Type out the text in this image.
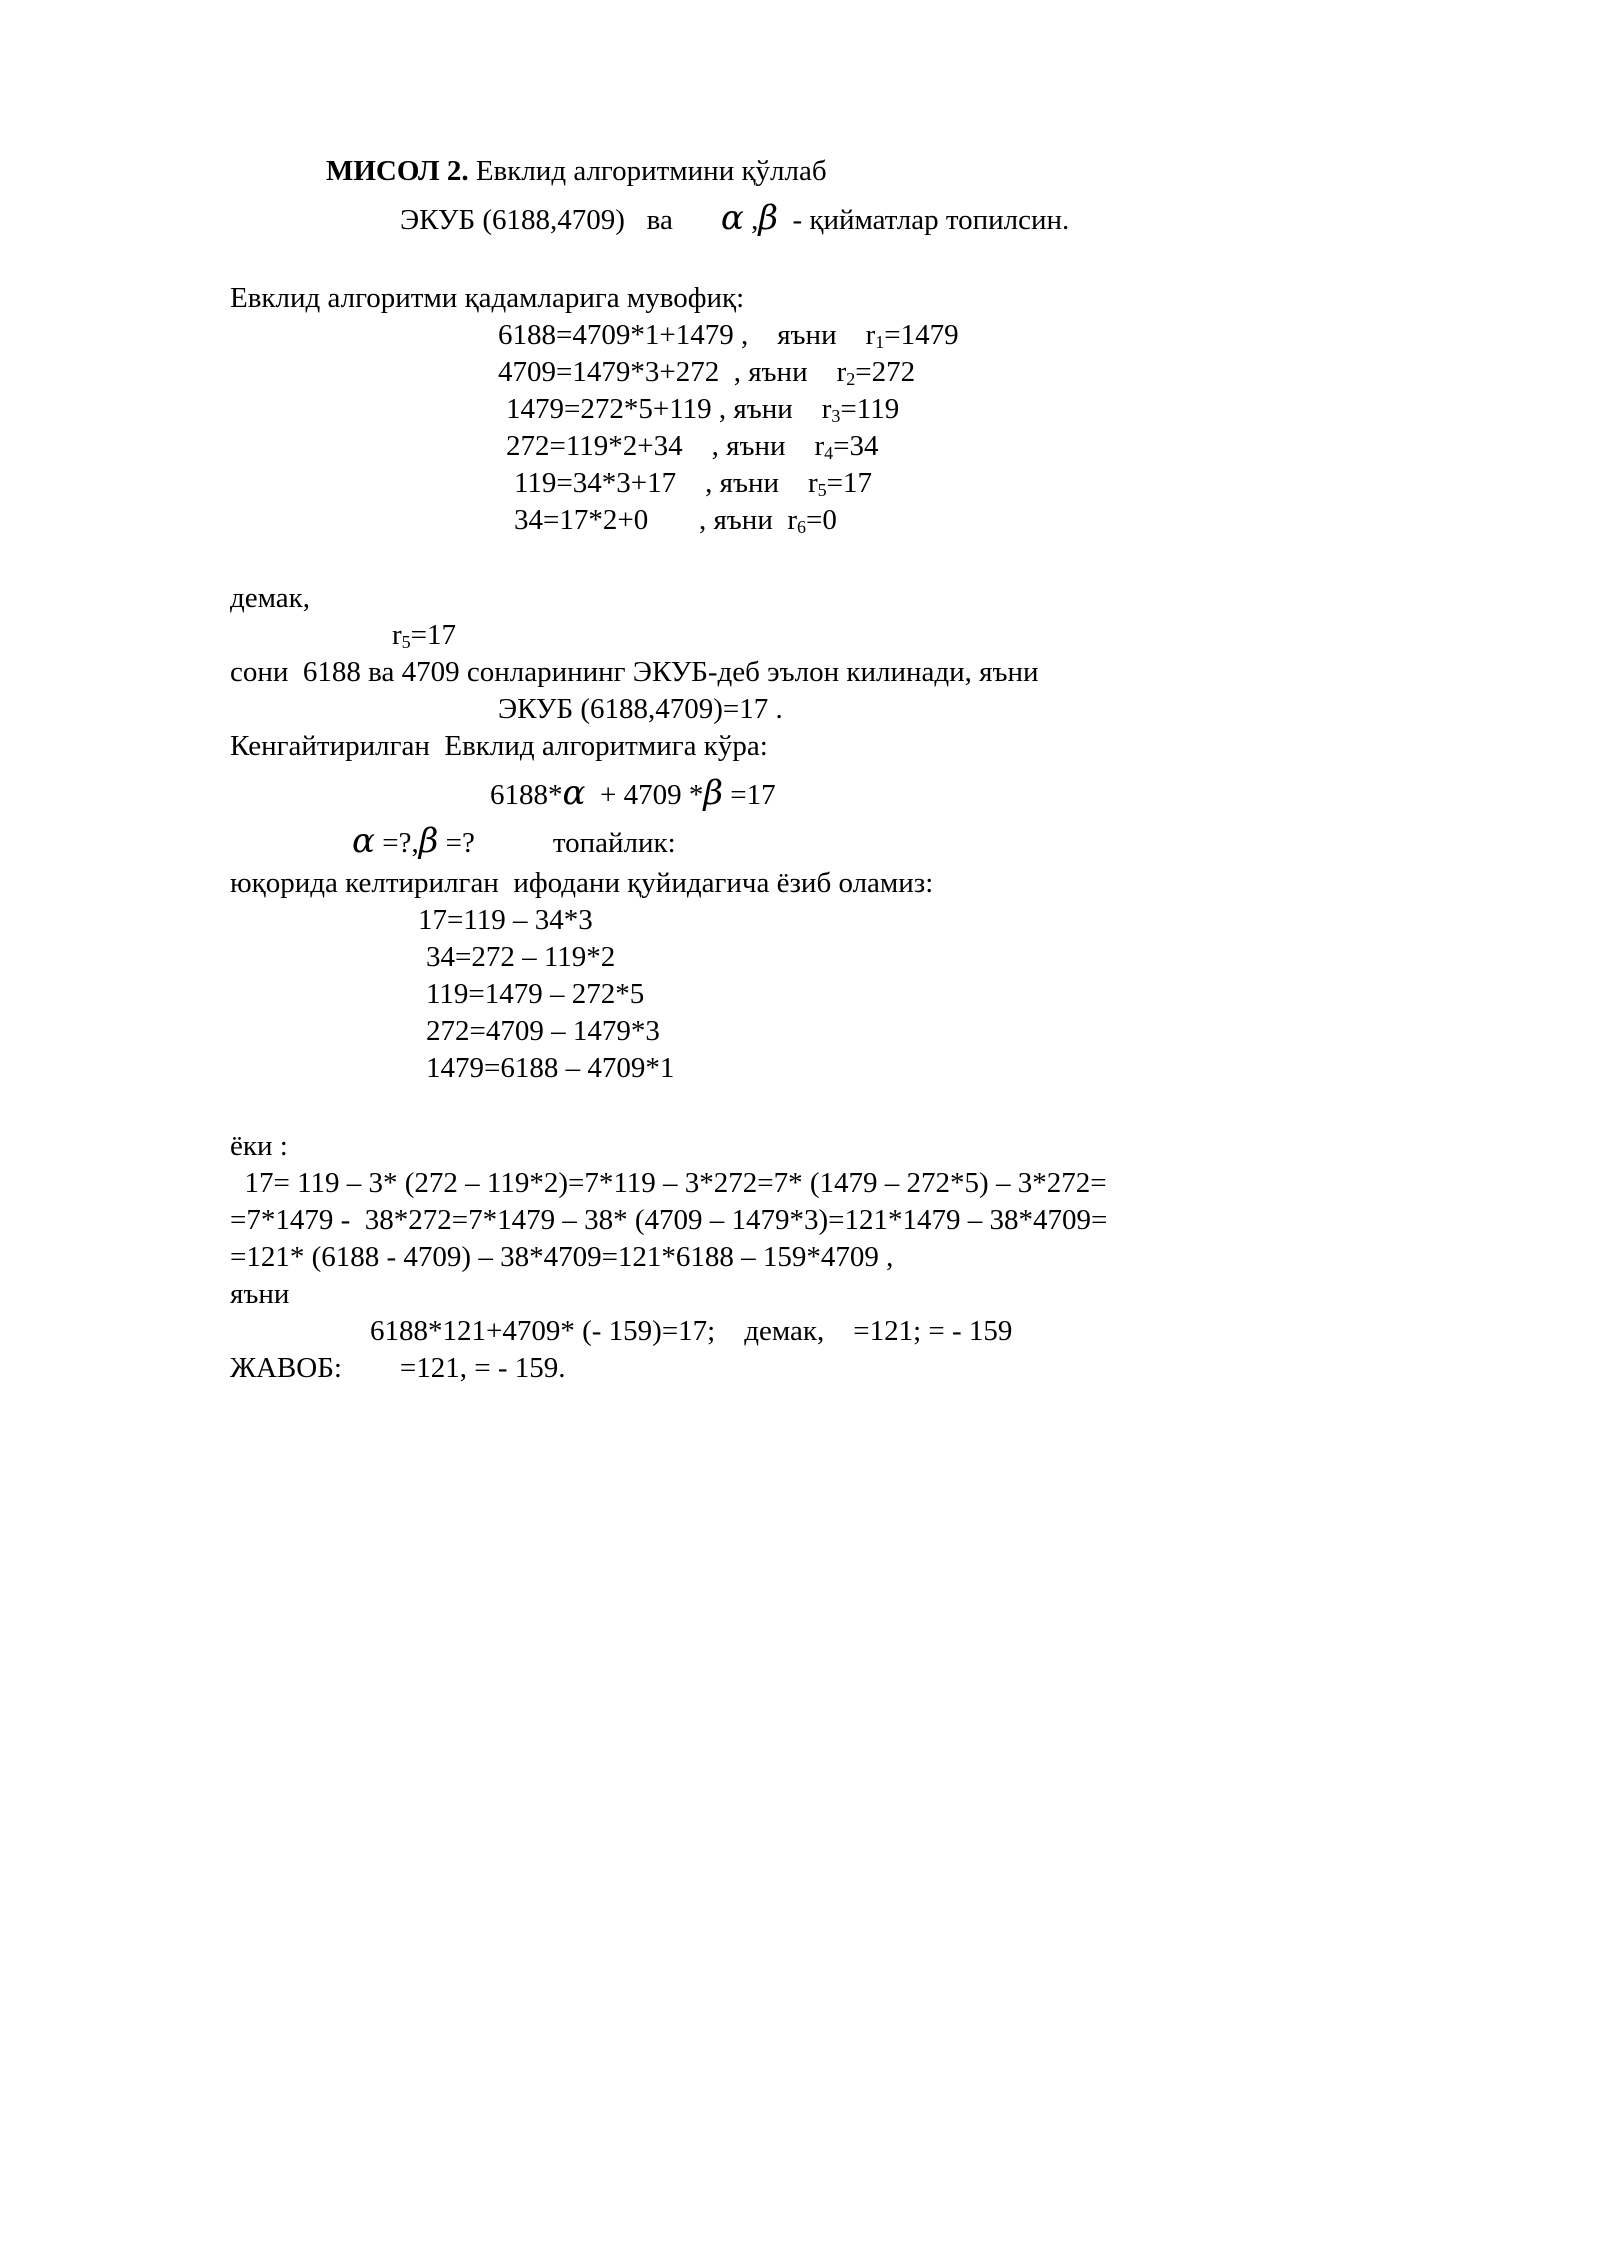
МИСОЛ 2. Евклид алгоритмини қўллаб
ЭКУБ (6188,4709)   ва α ,β  - қийматлар топилсин.
Евклид алгоритми қадамларига мувофиқ:
6188=4709*1+1479 ,    яъни    $r_1=1479$
4709=1479*3+272  , яъни    $r_2=272$
1479=272*5+119 , яъни    $r_3=119$
272=119*2+34    , яъни    $r_4=34$
119=34*3+17    , яъни    $r_5=17$
34=17*2+0       , яъни  $r_6=0$
демак,
$r_5=17$
сони  6188 ва 4709 сонларининг ЭКУБ-деб эълон килинади, яъни
ЭКУБ (6188,4709)=17 .
Кенгайтирилган  Евклид алгоритмига кўра:
6188*α  + 4709 *β =17
α =?,β =?	топайлик:
юқорида келтирилган  ифодани қуйидагича ёзиб оламиз:
17=119 – 34*3
34=272 – 119*2
119=1479 – 272*5
272=4709 – 1479*3
1479=6188 – 4709*1
ёки :
17= 119 – 3* (272 – 119*2)=7*119 – 3*272=7* (1479 – 272*5) – 3*272=
=7*1479 -  38*272=7*1479 – 38* (4709 – 1479*3)=121*1479 – 38*4709=
=121* (6188 - 4709) – 38*4709=121*6188 – 159*4709 ,
яъни
6188*121+4709* (- 159)=17;    демак,    =121; = - 159
ЖАВОБ: =121, = - 159.
